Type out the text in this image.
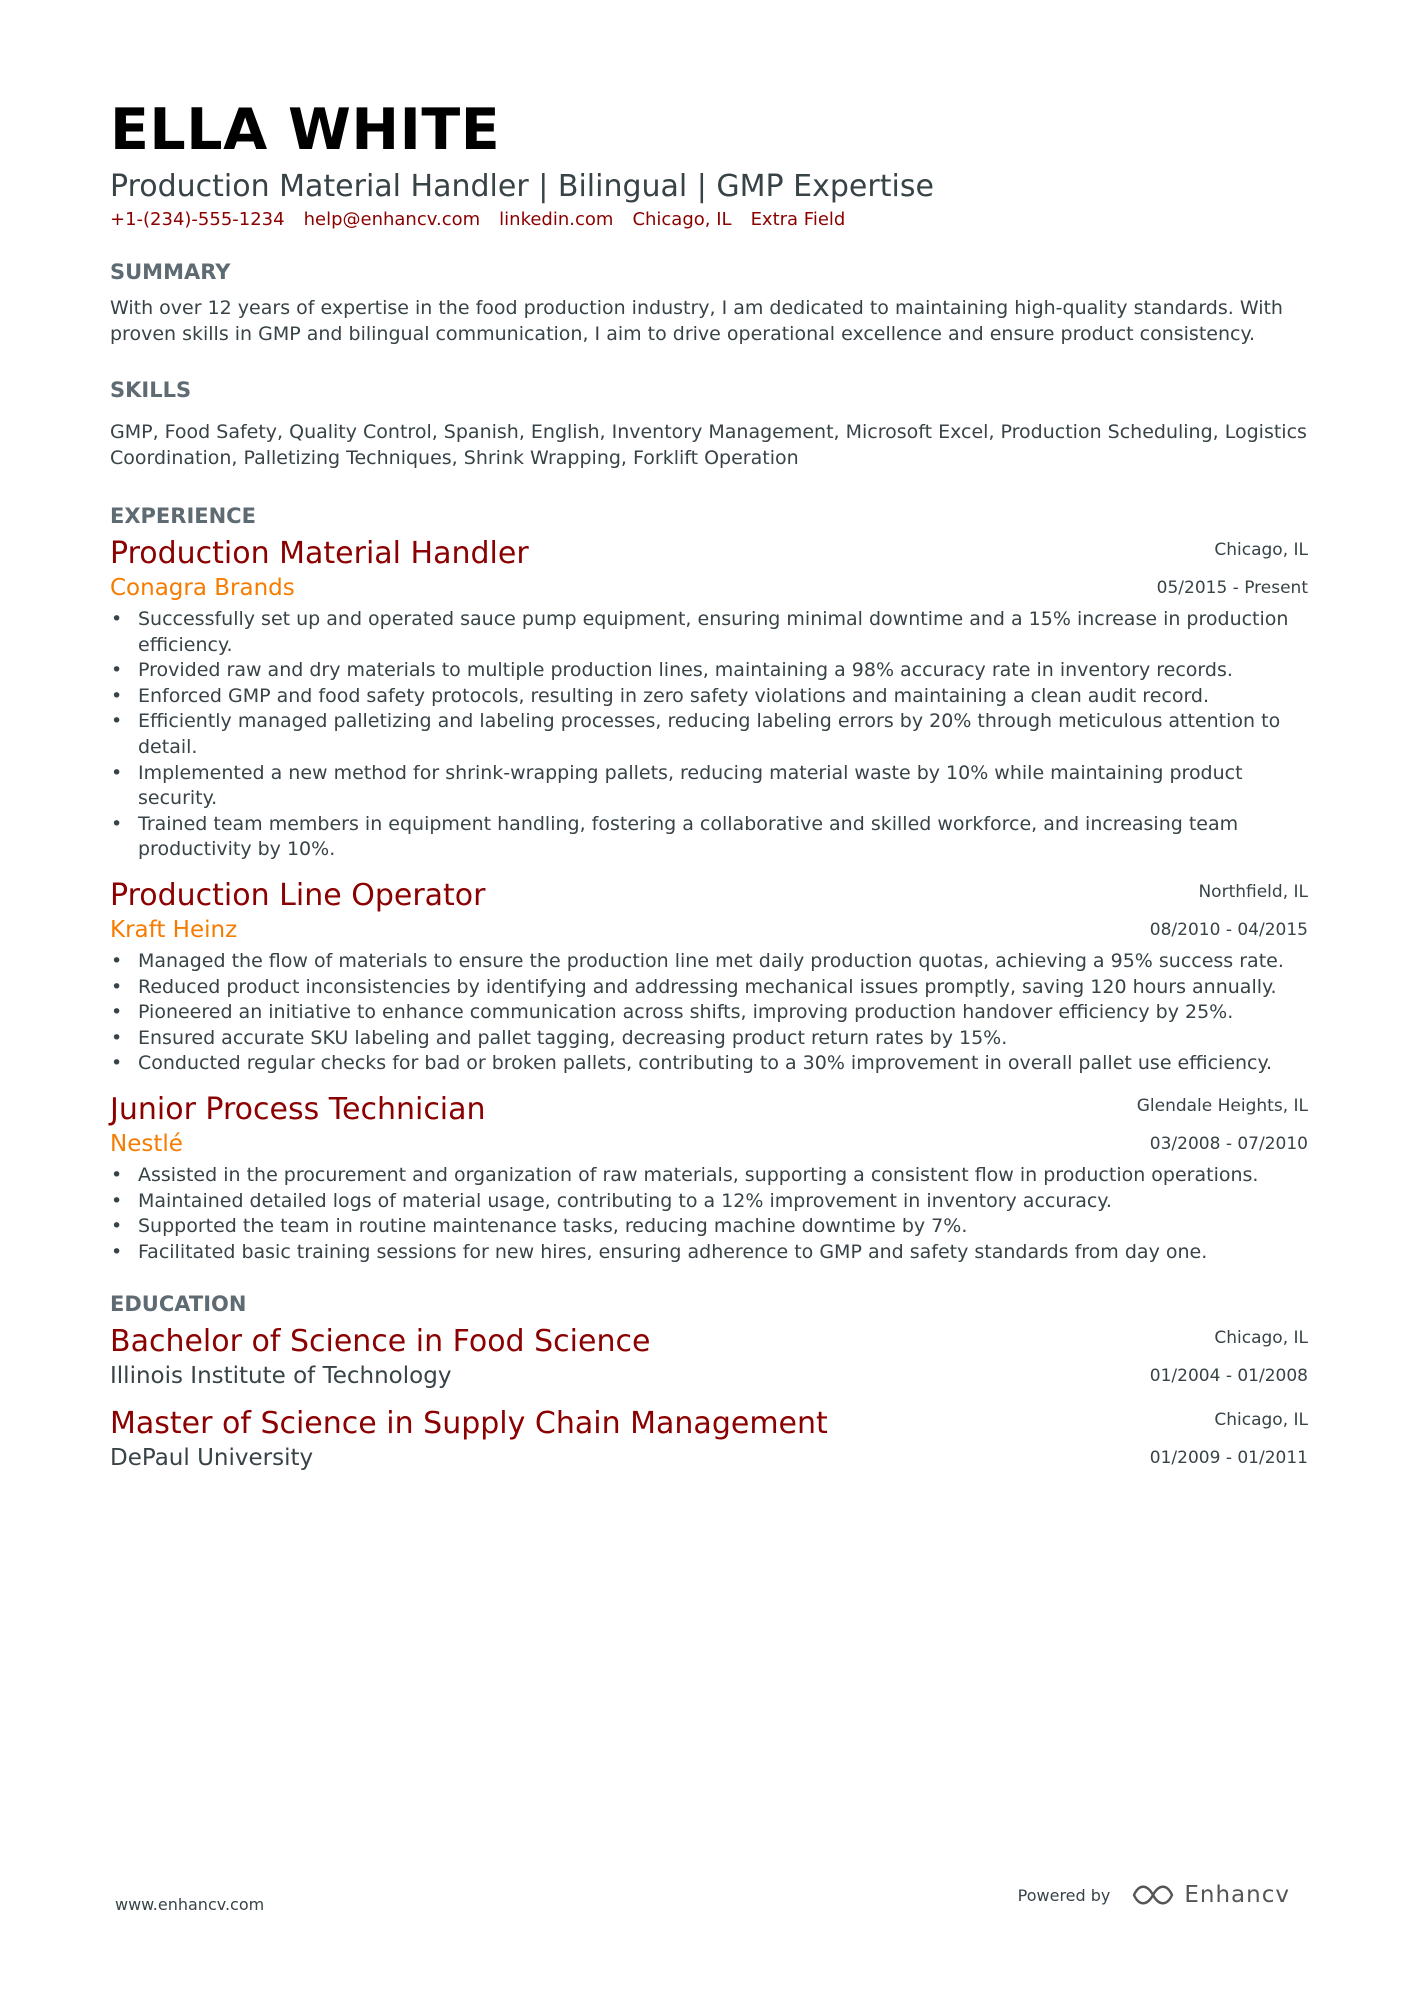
ELLA WHITE
Production Material Handler | Bilingual | GMP Expertise
+1-(234)-555-1234 help@enhancv.com linkedin.com Chicago, IL Extra Field
SUMMARY

With over 12 years of expertise in the food production industry, I am dedicated to maintaining high-quality standards. With proven skills in GMP and bilingual communication, I aim to drive operational excellence and ensure product consistency.

SKILLS

GMP, Food Safety, Quality Control, Spanish, English, Inventory Management, Microsoft Excel, Production Scheduling, Logistics Coordination, Palletizing Techniques, Shrink Wrapping, Forklift Operation

EXPERIENCE
Production Material Handler	Chicago, IL
Conagra Brands	05/2015 - Present
• Successfully set up and operated sauce pump equipment, ensuring minimal downtime and a 15% increase in production efficiency.
• Provided raw and dry materials to multiple production lines, maintaining a 98% accuracy rate in inventory records.
• Enforced GMP and food safety protocols, resulting in zero safety violations and maintaining a clean audit record.
• Efficiently managed palletizing and labeling processes, reducing labeling errors by 20% through meticulous attention to detail.
• Implemented a new method for shrink-wrapping pallets, reducing material waste by 10% while maintaining product security.
• Trained team members in equipment handling, fostering a collaborative and skilled workforce, and increasing team productivity by 10%.
Production Line Operator	Northfield, IL
Kraft Heinz	08/2010 - 04/2015
• Managed the flow of materials to ensure the production line met daily production quotas, achieving a 95% success rate.
• Reduced product inconsistencies by identifying and addressing mechanical issues promptly, saving 120 hours annually.
• Pioneered an initiative to enhance communication across shifts, improving production handover efficiency by 25%.
• Ensured accurate SKU labeling and pallet tagging, decreasing product return rates by 15%.
• Conducted regular checks for bad or broken pallets, contributing to a 30% improvement in overall pallet use efficiency.
Junior Process Technician	Glendale Heights, IL
Nestlé	03/2008 - 07/2010
• Assisted in the procurement and organization of raw materials, supporting a consistent flow in production operations.
• Maintained detailed logs of material usage, contributing to a 12% improvement in inventory accuracy.
• Supported the team in routine maintenance tasks, reducing machine downtime by 7%.
• Facilitated basic training sessions for new hires, ensuring adherence to GMP and safety standards from day one.
EDUCATION
Bachelor of Science in Food Science	Chicago, IL
Illinois Institute of Technology	01/2004 - 01/2008
Master of Science in Supply Chain Management	Chicago, IL
DePaul University	01/2009 - 01/2011
www.enhancv.com	Powered by	Enhancv
